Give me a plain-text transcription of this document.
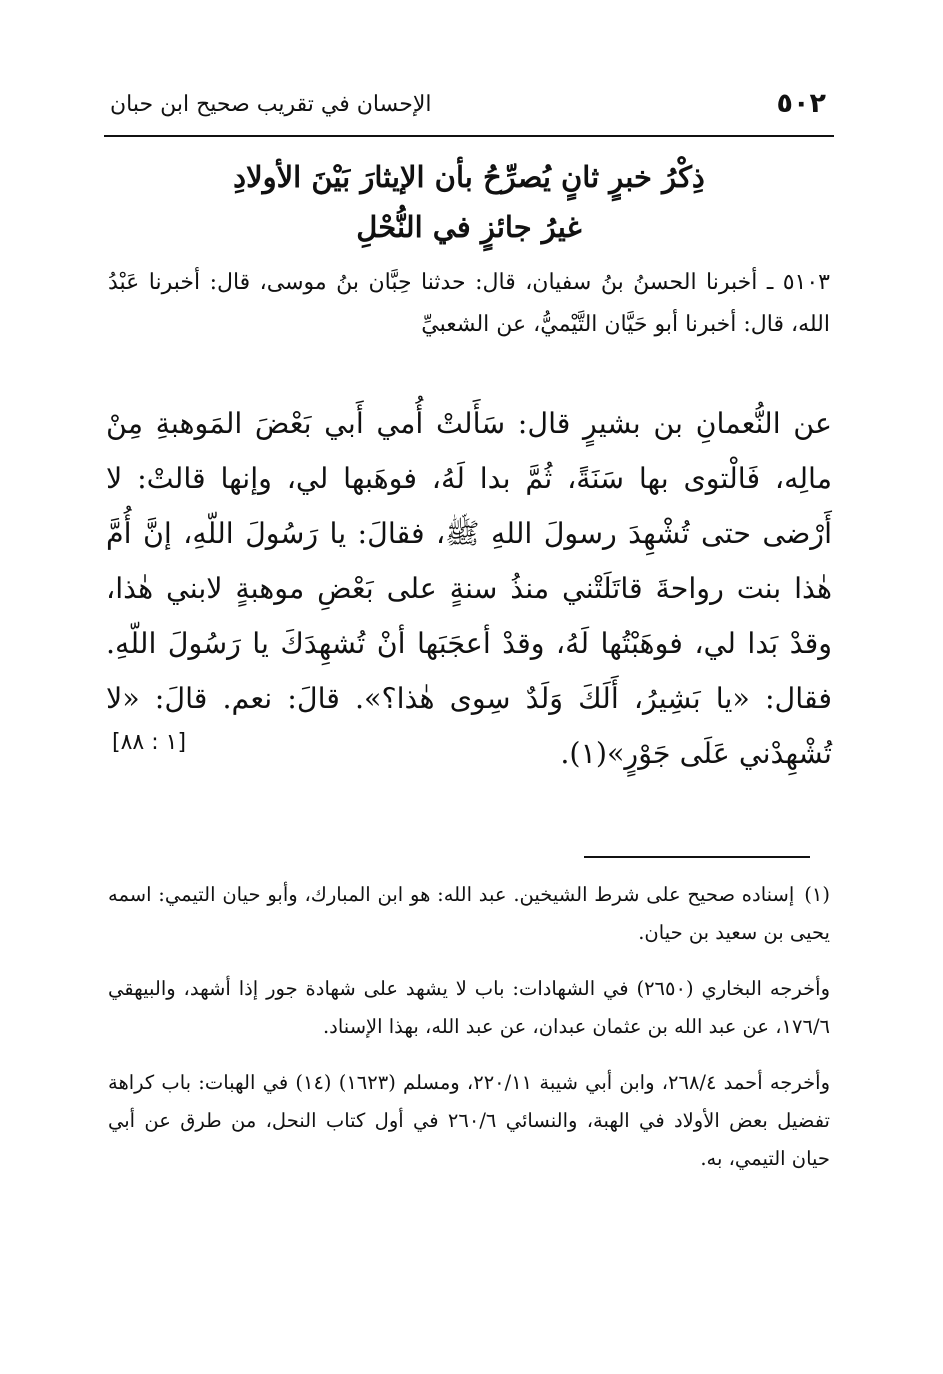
٥٠٢
الإحسان في تقريب صحيح ابن حبان
ذِكْرُ خبرٍ ثانٍ يُصرِّحُ بأن الإيثارَ بَيْنَ الأولادِ
غيرُ جائزٍ في النُّحْلِ
٥١٠٣ ـ أخبرنا الحسنُ بنُ سفيان، قال: حدثنا حِبَّان بنُ موسى، قال: أخبرنا عَبْدُ الله، قال: أخبرنا أبو حَيَّان التَّيْميُّ، عن الشعبيِّ
عن النُّعمانِ بن بشيرٍ قال: سَأَلتْ أُمي أَبي بَعْضَ المَوهبةِ مِنْ مالِه، فَالْتوى بها سَنَةً، ثُمَّ بدا لَهُ، فوهَبها لي، وإنها قالتْ: لا أَرْضى حتى تُشْهِدَ رسولَ اللهِ ﷺ، فقالَ: يا رَسُولَ اللّهِ، إنَّ أُمَّ هٰذا بنت رواحةَ قاتَلَتْني منذُ سنةٍ على بَعْضِ موهبةٍ لابني هٰذا، وقدْ بَدا لي، فوهَبْتُها لَهُ، وقدْ أعجَبَها أنْ تُشهِدَكَ يا رَسُولَ اللّهِ. فقال: «يا بَشِيرُ، أَلَكَ وَلَدٌ سِوى هٰذا؟». قالَ: نعم. قالَ: «لا تُشْهِدْني عَلَى جَوْرٍ»(١).
[١ : ٨٨]

(١)إسناده صحيح على شرط الشيخين. عبد الله: هو ابن المبارك، وأبو حيان التيمي: اسمه يحيى بن سعيد بن حيان.

وأخرجه البخاري (٢٦٥٠) في الشهادات: باب لا يشهد على شهادة جور إذا أشهد، والبيهقي ١٧٦/٦، عن عبد الله بن عثمان عبدان، عن عبد الله، بهذا الإسناد.

وأخرجه أحمد ٢٦٨/٤، وابن أبي شيبة ٢٢٠/١١، ومسلم (١٦٢٣) (١٤) في الهبات: باب كراهة تفضيل بعض الأولاد في الهبة، والنسائي ٢٦٠/٦ في أول كتاب النحل، من طرق عن أبي حيان التيمي، به.
